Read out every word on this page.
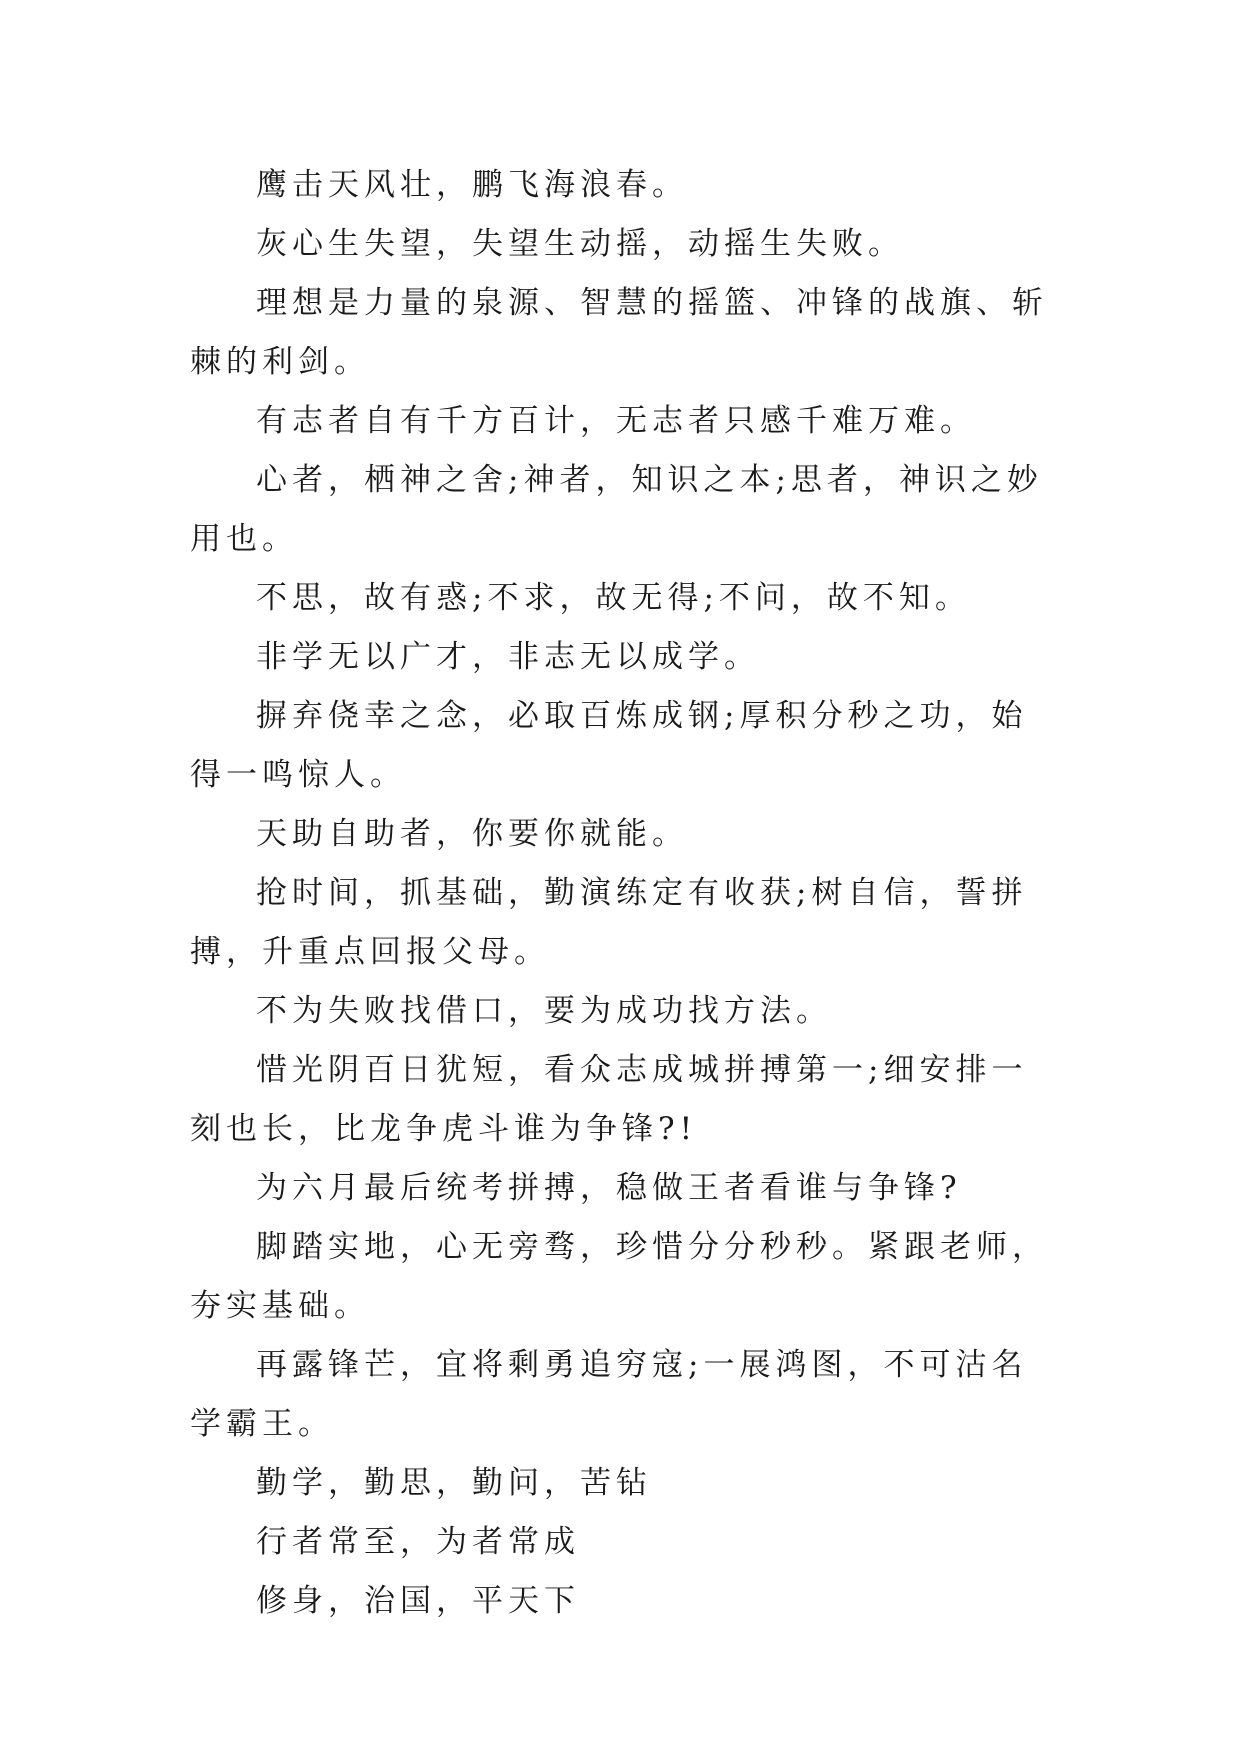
鹰击天风壮，鹏飞海浪春。

灰心生失望，失望生动摇，动摇生失败。

理想是力量的泉源、智慧的摇篮、冲锋的战旗、斩棘的利剑。

有志者自有千方百计，无志者只感千难万难。

心者，栖神之舍;神者，知识之本;思者，神识之妙用也。

不思，故有惑;不求，故无得;不问，故不知。

非学无以广才，非志无以成学。

摒弃侥幸之念，必取百炼成钢;厚积分秒之功，始得一鸣惊人。

天助自助者，你要你就能。

抢时间，抓基础，勤演练定有收获;树自信，誓拼搏，升重点回报父母。

不为失败找借口，要为成功找方法。

惜光阴百日犹短，看众志成城拼搏第一;细安排一刻也长，比龙争虎斗谁为争锋?!

为六月最后统考拼搏，稳做王者看谁与争锋?

脚踏实地，心无旁骛，珍惜分分秒秒。紧跟老师，夯实基础。

再露锋芒，宜将剩勇追穷寇;一展鸿图，不可沽名学霸王。

勤学，勤思，勤问，苦钻

行者常至，为者常成

修身，治国，平天下
